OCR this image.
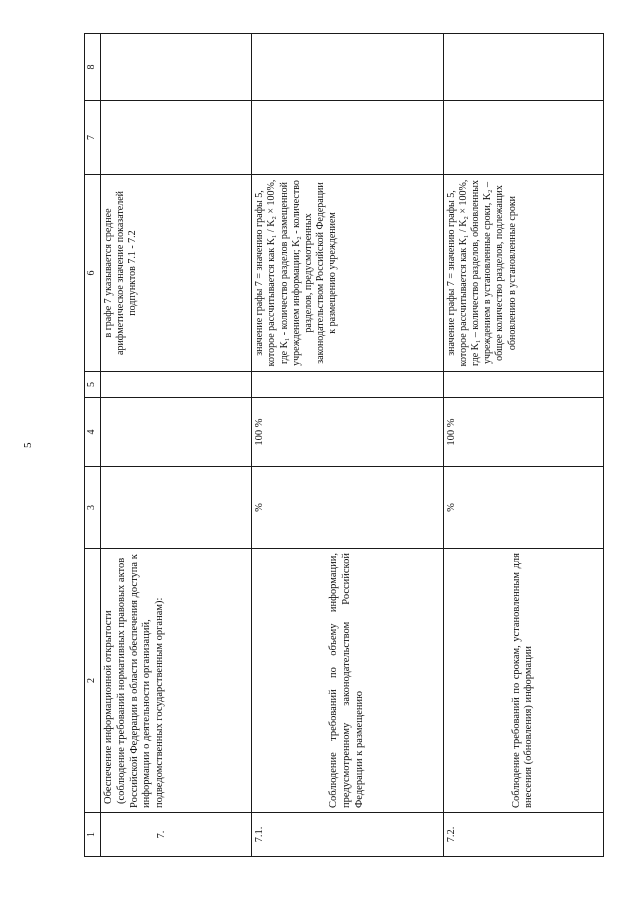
5
1	2	3	4	5	6	7	8
7.	Обеспечение информационной открытости (соблюдение требований нормативных правовых актов Российской Федерации в области обеспечения доступа к информации о деятельности организаций, подведомственных государственным органам):				в графе 7 указывается среднее арифметическое значение показателей подпунктов 7.1 - 7.2		
7.1.	Соблюдение требований по объему информации, предусмотренному законодательством Российской Федерации к размещению	%	100 %		значение графы 7 = значению графы 5, которое рассчитывается как K₁ / K₂ × 100%, где K₁ - количество разделов размещенной учреждением информации; K₂ - количество разделов, предусмотренных законодательством Российской Федерации к размещению учреждением		
7.2.	Соблюдение требований по срокам, установленным для внесения (обновления) информации	%	100 %		значение графы 7 = значению графы 5, которое рассчитывается как K₁ / K₂ × 100%, где K₁ – количество разделов, обновленных учреждением в установленные сроки, K₂ – общее количество разделов, подлежащих обновлению в установленные сроки		
